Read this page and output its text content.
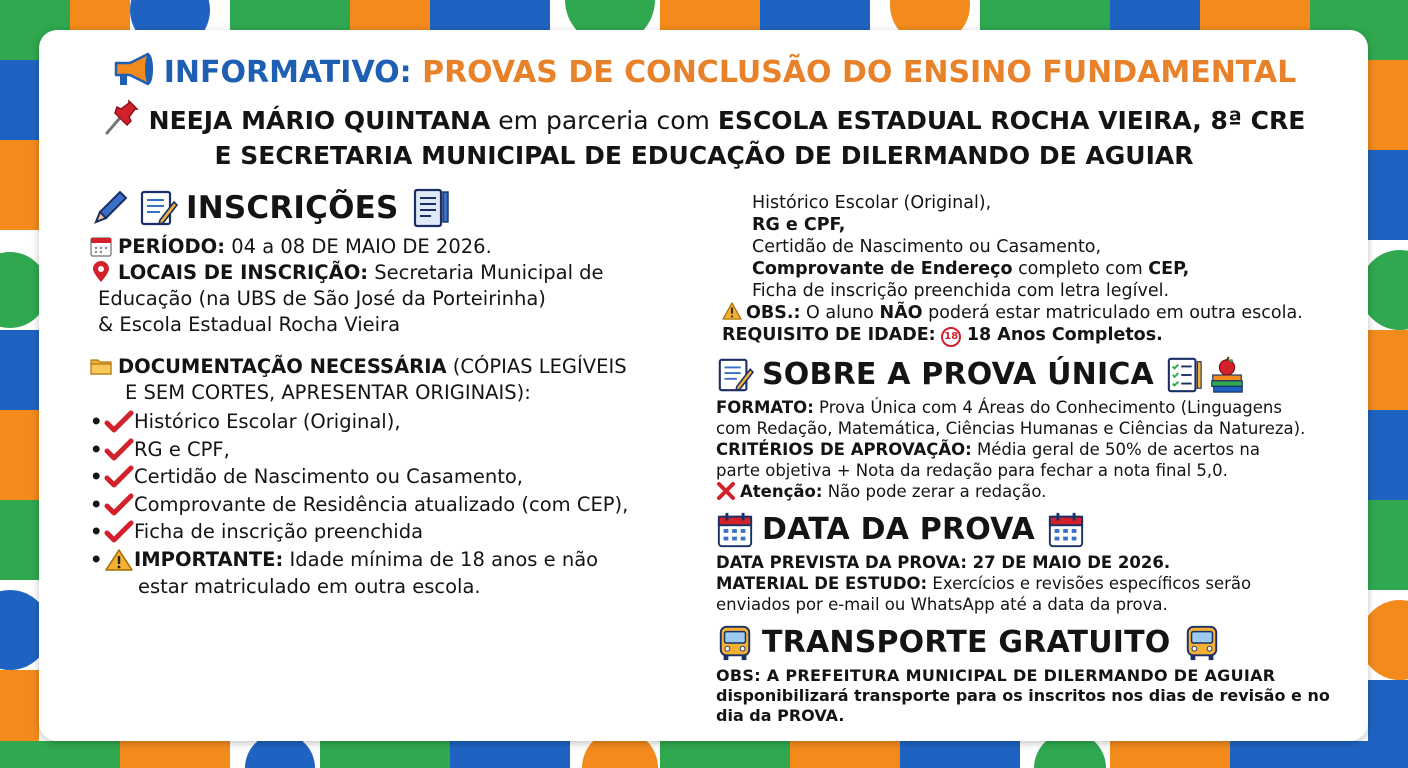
INFORMATIVO: PROVAS DE CONCLUSÃO DO ENSINO FUNDAMENTAL
NEEJA MÁRIO QUINTANA em parceria com ESCOLA ESTADUAL ROCHA VIEIRA, 8ª CRE
E SECRETARIA MUNICIPAL DE EDUCAÇÃO DE DILERMANDO DE AGUIAR
INSCRIÇÕES
PERÍODO: 04 a 08 DE MAIO DE 2026.
LOCAIS DE INSCRIÇÃO: Secretaria Municipal de
Educação (na UBS de São José da Porteirinha)
& Escola Estadual Rocha Vieira
DOCUMENTAÇÃO NECESSÁRIA (CÓPIAS LEGÍVEIS
E SEM CORTES, APRESENTAR ORIGINAIS):
• Histórico Escolar (Original),
• RG e CPF,
• Certidão de Nascimento ou Casamento,
• Comprovante de Residência atualizado (com CEP),
• Ficha de inscrição preenchida
• IMPORTANTE: Idade mínima de 18 anos e não
estar matriculado em outra escola.
Histórico Escolar (Original),
RG e CPF,
Certidão de Nascimento ou Casamento,
Comprovante de Endereço completo com CEP,
Ficha de inscrição preenchida com letra legível.
OBS.: O aluno NÃO poderá estar matriculado em outra escola.
REQUISITO DE IDADE: 18 18 Anos Completos.
SOBRE A PROVA ÚNICA
FORMATO: Prova Única com 4 Áreas do Conhecimento (Linguagens
com Redação, Matemática, Ciências Humanas e Ciências da Natureza).
CRITÉRIOS DE APROVAÇÃO: Média geral de 50% de acertos na
parte objetiva + Nota da redação para fechar a nota final 5,0.
Atenção: Não pode zerar a redação.
DATA DA PROVA
DATA PREVISTA DA PROVA: 27 DE MAIO DE 2026.
MATERIAL DE ESTUDO: Exercícios e revisões específicos serão
enviados por e-mail ou WhatsApp até a data da prova.
TRANSPORTE GRATUITO
OBS: A PREFEITURA MUNICIPAL DE DILERMANDO DE AGUIAR
disponibilizará transporte para os inscritos nos dias de revisão e no
dia da PROVA.
